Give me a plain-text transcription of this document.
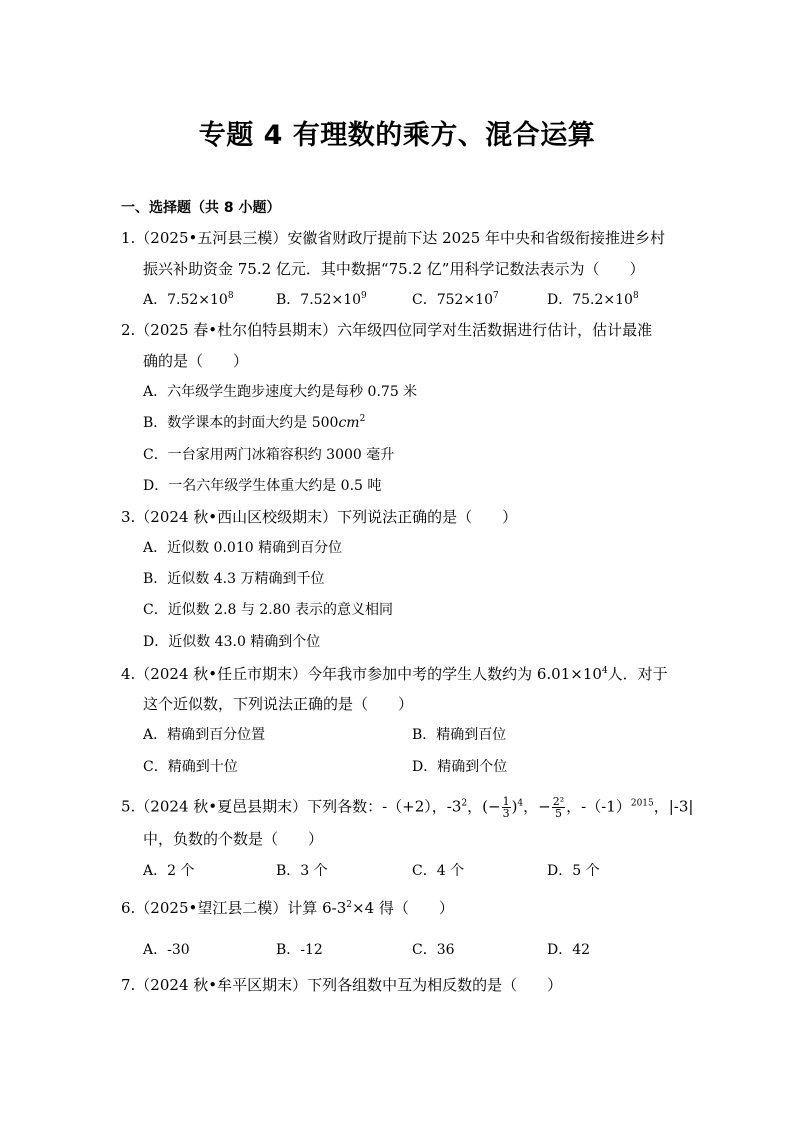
专题 4 有理数的乘方、混合运算
一、选择题（共 8 小题）
1.（2025•五河县三模）安徽省财政厅提前下达 2025 年中央和省级衔接推进乡村
振兴补助资金 75.2 亿元．其中数据“75.2 亿”用科学记数法表示为（　　）
A．$7.52\times 10^8$	B．$7.52\times 10^9$	C．$752\times 10^7$	D．$75.2\times 10^8$
2.（2025 春•杜尔伯特县期末）六年级四位同学对生活数据进行估计，估计最准
确的是（　　）
A．六年级学生跑步速度大约是每秒 0.75 米
B．数学课本的封面大约是 $500cm^2$
C．一台家用两门冰箱容积约 3000 毫升
D．一名六年级学生体重大约是 0.5 吨
3.（2024 秋•西山区校级期末）下列说法正确的是（　　）
A．近似数 0.010 精确到百分位
B．近似数 4.3 万精确到千位
C．近似数 2.8 与 2.80 表示的意义相同
D．近似数 43.0 精确到个位
4.（2024 秋•任丘市期末）今年我市参加中考的学生人数约为 $6.01\times 10^4$人．对于
这个近似数，下列说法正确的是（　　）
A．精确到百分位置	B．精确到百位
C．精确到十位	D．精确到个位
5.（2024 秋•夏邑县期末）下列各数：-（+2），$-3^2$，(− $\frac{1}{3} )^4$，− $\frac{\text{2²}}{5}$ ，$-(-1)^{2015}$，|-3|
中，负数的个数是（　　）
A．2 个	B．3 个	C．4 个	D．5 个
6.（2025•望江县二模）计算 $6-3^2\times 4$ 得（　　）
A．-30	B．-12	C．36	D．42
7.（2024 秋•牟平区期末）下列各组数中互为相反数的是（　　）
